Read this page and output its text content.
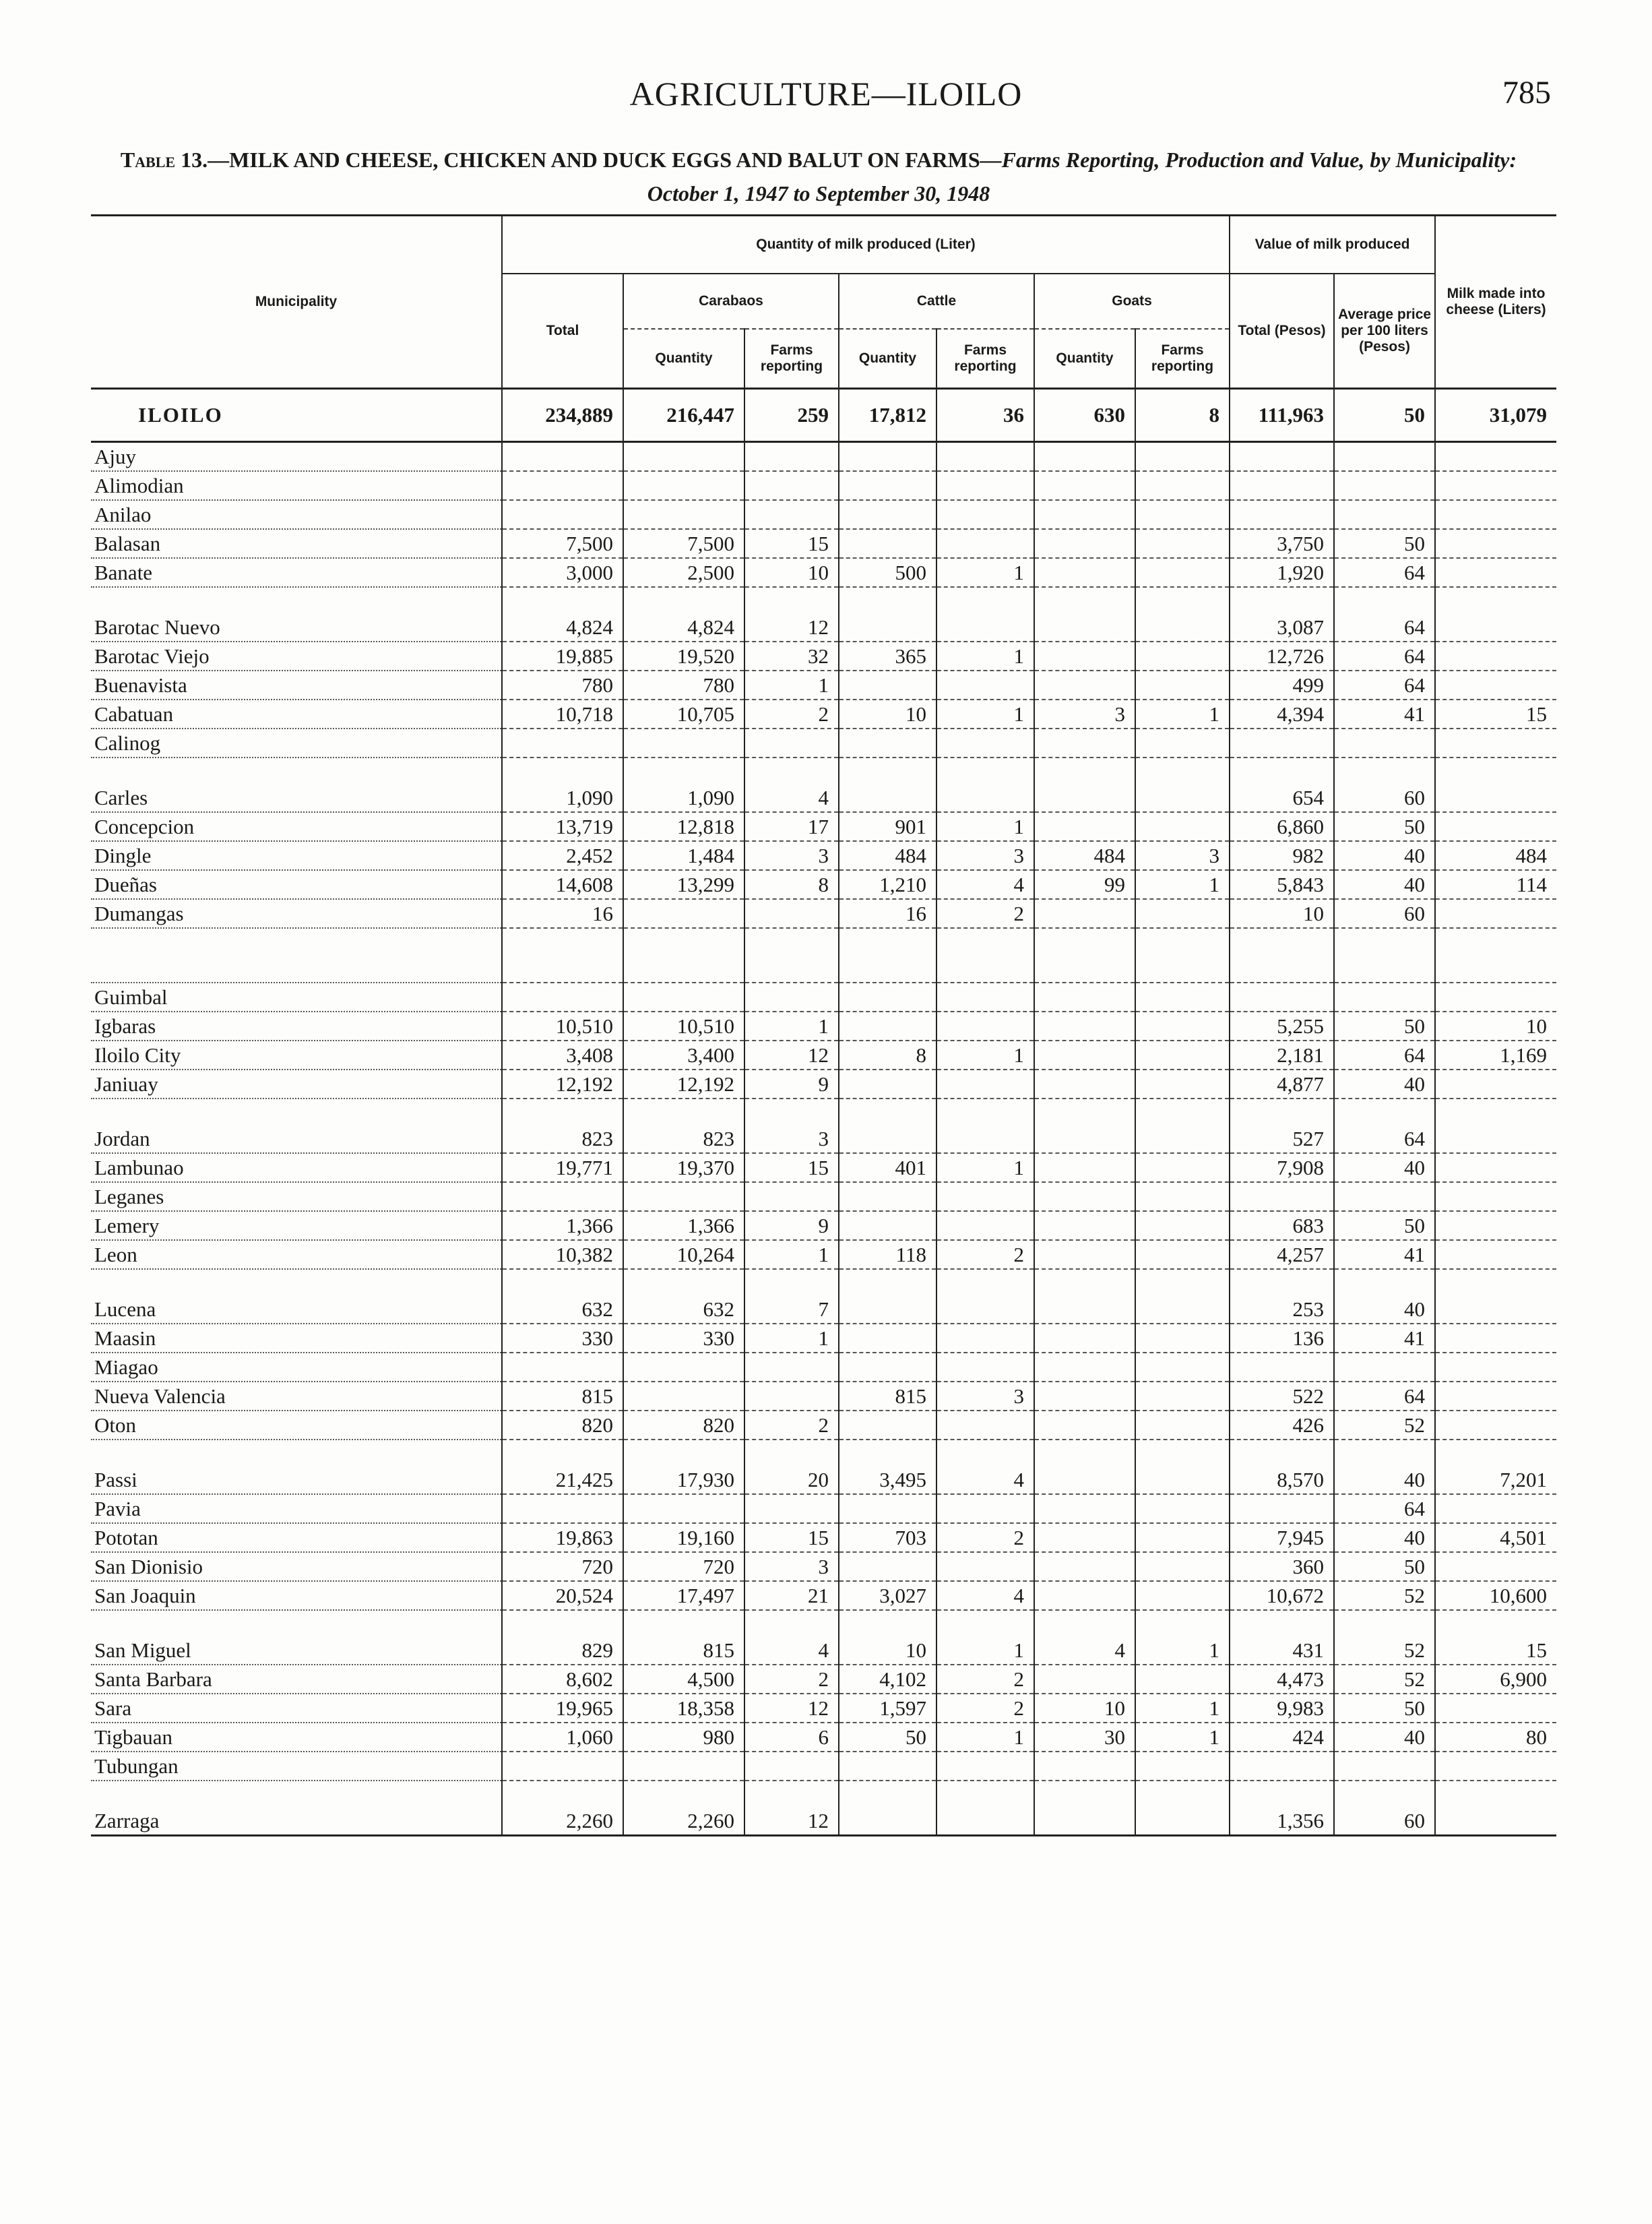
AGRICULTURE—ILOILO	785
Table 13.—MILK AND CHEESE, CHICKEN AND DUCK EGGS AND BALUT ON FARMS—Farms Reporting, Production and Value, by Municipality: October 1, 1947 to September 30, 1948
Municipality	Quantity of milk produced (Liter)							Value of milk produced		Milk made into cheese (Liters)
	Total	Carabaos		Cattle		Goats		Total (Pesos)	Average price per 100 liters (Pesos)	
		Quantity	Farms reporting	Quantity	Farms reporting	Quantity	Farms reporting			
ILOILO	234,889	216,447	259	17,812	36	630	8	111,963	50	31,079
Ajuy										
Alimodian										
Anilao										
Balasan	7,500	7,500	15					3,750	50	
Banate	3,000	2,500	10	500	1			1,920	64	

Barotac Nuevo	4,824	4,824	12					3,087	64	
Barotac Viejo	19,885	19,520	32	365	1			12,726	64	
Buenavista	780	780	1					499	64	
Cabatuan	10,718	10,705	2	10	1	3	1	4,394	41	15
Calinog										

Carles	1,090	1,090	4					654	60	
Concepcion	13,719	12,818	17	901	1			6,860	50	
Dingle	2,452	1,484	3	484	3	484	3	982	40	484
Dueñas	14,608	13,299	8	1,210	4	99	1	5,843	40	114
Dumangas	16			16	2			10	60	

Guimbal										
Igbaras	10,510	10,510	1					5,255	50	10
Iloilo City	3,408	3,400	12	8	1			2,181	64	1,169
Janiuay	12,192	12,192	9					4,877	40	

Jordan	823	823	3					527	64	
Lambunao	19,771	19,370	15	401	1			7,908	40	
Leganes										
Lemery	1,366	1,366	9					683	50	
Leon	10,382	10,264	1	118	2			4,257	41	

Lucena	632	632	7					253	40	
Maasin	330	330	1					136	41	
Miagao										
Nueva Valencia	815			815	3			522	64	
Oton	820	820	2					426	52	

Passi	21,425	17,930	20	3,495	4			8,570	40	7,201
Pavia									64	
Pototan	19,863	19,160	15	703	2			7,945	40	4,501
San Dionisio	720	720	3					360	50	
San Joaquin	20,524	17,497	21	3,027	4			10,672	52	10,600

San Miguel	829	815	4	10	1	4	1	431	52	15
Santa Barbara	8,602	4,500	2	4,102	2			4,473	52	6,900
Sara	19,965	18,358	12	1,597	2	10	1	9,983	50	
Tigbauan	1,060	980	6	50	1	30	1	424	40	80
Tubungan										

Zarraga	2,260	2,260	12					1,356	60	
